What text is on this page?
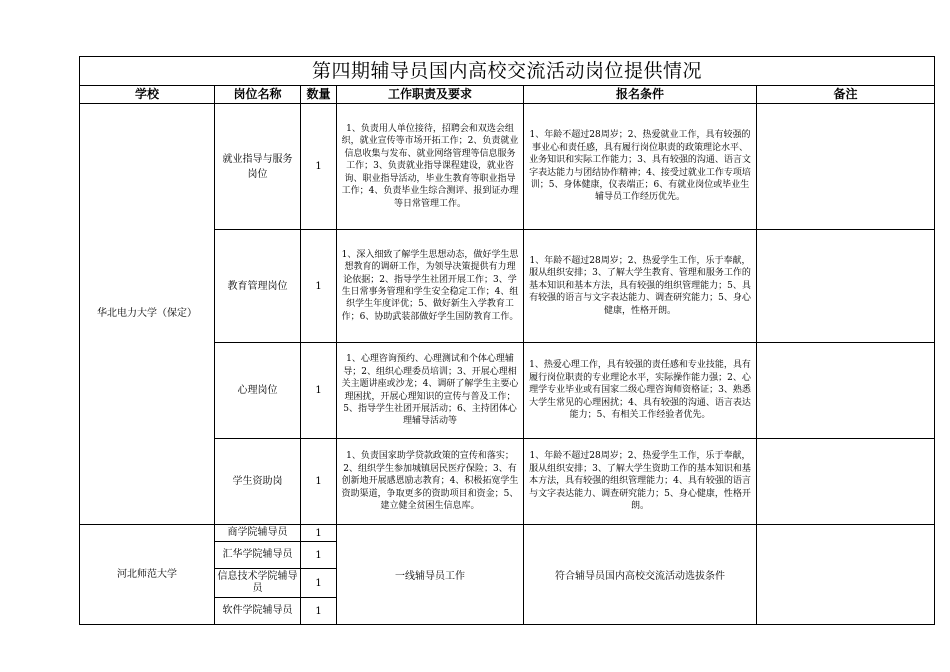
第四期辅导员国内高校交流活动岗位提供情况					
学校	岗位名称	数量	工作职责及要求	报名条件	备注
华北电力大学（保定）	就业指导与服务岗位	1	1、负责用人单位接待，招聘会和双选会组织，就业宣传等市场开拓工作；2、负责就业信息收集与发布、就业网络管理等信息服务工作；3、负责就业指导课程建设，就业咨询、职业指导活动，毕业生教育等职业指导工作；4、负责毕业生综合测评、报到证办理等日常管理工作。	1、年龄不超过28周岁；2、热爱就业工作，具有较强的事业心和责任感，具有履行岗位职责的政策理论水平、业务知识和实际工作能力；3、具有较强的沟通、语言文字表达能力与团结协作精神；4、接受过就业工作专项培训；5、身体健康，仪表端正；6、有就业岗位或毕业生辅导员工作经历优先。	
	教育管理岗位	1	1、深入细致了解学生思想动态，做好学生思想教育的调研工作，为领导决策提供有力理论依据；2、指导学生社团开展工作；3、学生日常事务管理和学生安全稳定工作；4、组织学生年度评优；5、做好新生入学教育工作；6、协助武装部做好学生国防教育工作。	1、年龄不超过28周岁；2、热爱学生工作，乐于奉献，服从组织安排；3、了解大学生教育、管理和服务工作的基本知识和基本方法，具有较强的组织管理能力；5、具有较强的语言与文字表达能力、调查研究能力；5、身心健康，性格开朗。	
	心理岗位	1	1、心理咨询预约、心理测试和个体心理辅导；2、组织心理委员培训；3、开展心理相关主题讲座或沙龙；4、调研了解学生主要心理困扰，开展心理知识的宣传与普及工作；5、指导学生社团开展活动；6、主持团体心理辅导活动等	1、热爱心理工作，具有较强的责任感和专业技能，具有履行岗位职责的专业理论水平，实际操作能力强；2、心理学专业毕业或有国家二级心理咨询师资格证；3、熟悉大学生常见的心理困扰；4、具有较强的沟通、语言表达能力；5、有相关工作经验者优先。	
	学生资助岗	1	1、负责国家助学贷款政策的宣传和落实；2、组织学生参加城镇居民医疗保险；3、有创新地开展感恩励志教育；4、积极拓宽学生资助渠道，争取更多的资助项目和资金；5、建立健全贫困生信息库。	1、年龄不超过28周岁；2、热爱学生工作，乐于奉献，服从组织安排；3、了解大学生资助工作的基本知识和基本方法，具有较强的组织管理能力；4、具有较强的语言与文字表达能力、调查研究能力；5、身心健康，性格开朗。	
河北师范大学	商学院辅导员	1	一线辅导员工作	符合辅导员国内高校交流活动选拔条件	
	汇华学院辅导员	1			
	信息技术学院辅导员	1			
	软件学院辅导员	1			
